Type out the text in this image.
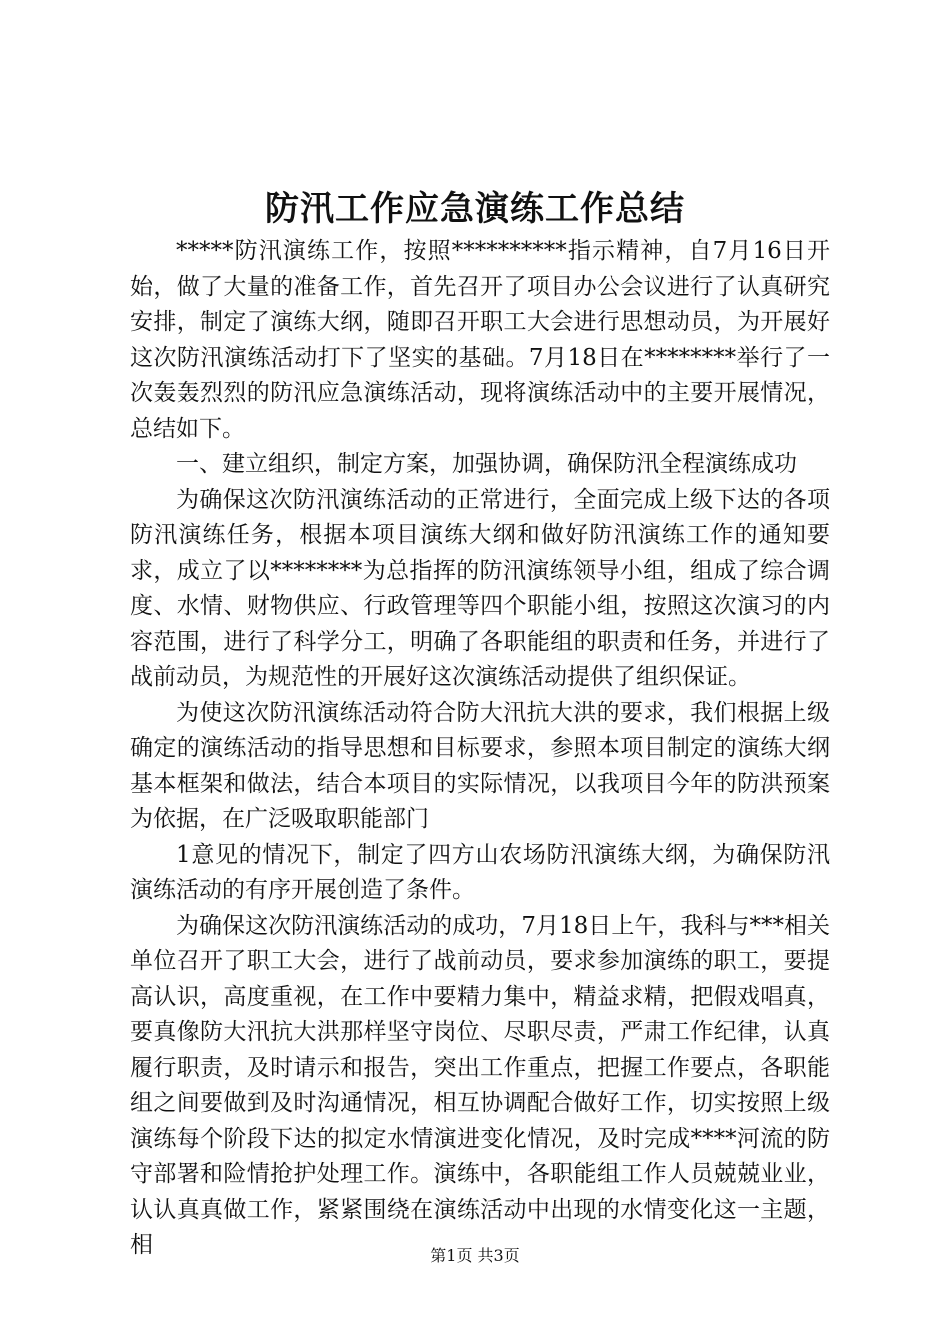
防汛工作应急演练工作总结

*****防汛演练工作，按照**********指示精神，自7月16日开始，做了大量的准备工作，首先召开了项目办公会议进行了认真研究安排，制定了演练大纲，随即召开职工大会进行思想动员，为开展好这次防汛演练活动打下了坚实的基础。7月18日在********举行了一次轰轰烈烈的防汛应急演练活动，现将演练活动中的主要开展情况，总结如下。

一、建立组织，制定方案，加强协调，确保防汛全程演练成功

为确保这次防汛演练活动的正常进行，全面完成上级下达的各项防汛演练任务，根据本项目演练大纲和做好防汛演练工作的通知要求，成立了以********为总指挥的防汛演练领导小组，组成了综合调度、水情、财物供应、行政管理等四个职能小组，按照这次演习的内容范围，进行了科学分工，明确了各职能组的职责和任务，并进行了战前动员，为规范性的开展好这次演练活动提供了组织保证。

为使这次防汛演练活动符合防大汛抗大洪的要求，我们根据上级确定的演练活动的指导思想和目标要求，参照本项目制定的演练大纲基本框架和做法，结合本项目的实际情况，以我项目今年的防洪预案为依据，在广泛吸取职能部门

1意见的情况下，制定了四方山农场防汛演练大纲，为确保防汛演练活动的有序开展创造了条件。

为确保这次防汛演练活动的成功，7月18日上午，我科与***相关单位召开了职工大会，进行了战前动员，要求参加演练的职工，要提高认识，高度重视，在工作中要精力集中，精益求精，把假戏唱真，要真像防大汛抗大洪那样坚守岗位、尽职尽责，严肃工作纪律，认真履行职责，及时请示和报告，突出工作重点，把握工作要点，各职能组之间要做到及时沟通情况，相互协调配合做好工作，切实按照上级演练每个阶段下达的拟定水情演进变化情况，及时完成****河流的防守部署和险情抢护处理工作。演练中，各职能组工作人员兢兢业业，认认真真做工作，紧紧围绕在演练活动中出现的水情变化这一主题，相	第1页 共3页
